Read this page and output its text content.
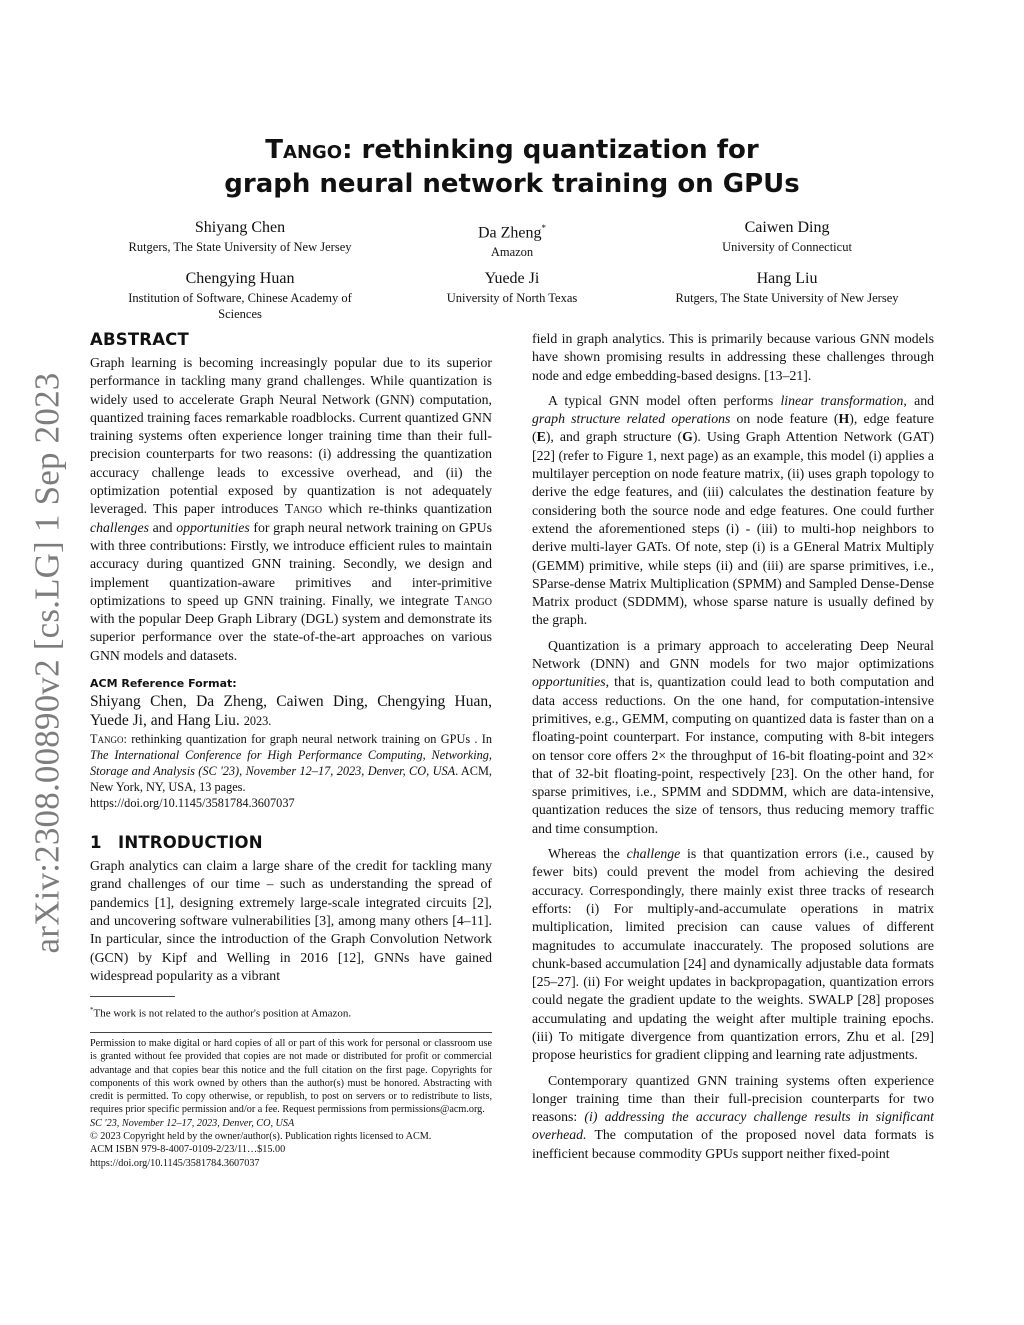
arXiv:2308.00890v2 [cs.LG] 1 Sep 2023
Tango: rethinking quantization for
graph neural network training on GPUs
Shiyang Chen
Rutgers, The State University of New Jersey
Da Zheng*
Amazon
Caiwen Ding
University of Connecticut
Chengying Huan
Institution of Software, Chinese Academy of Sciences
Yuede Ji
University of North Texas
Hang Liu
Rutgers, The State University of New Jersey
ABSTRACT

Graph learning is becoming increasingly popular due to its superior performance in tackling many grand challenges. While quantization is widely used to accelerate Graph Neural Network (GNN) computation, quantized training faces remarkable roadblocks. Current quantized GNN training systems often experience longer training time than their full-precision counterparts for two reasons: (i) addressing the quantization accuracy challenge leads to excessive overhead, and (ii) the optimization potential exposed by quantization is not adequately leveraged. This paper introduces Tango which re-thinks quantization challenges and opportunities for graph neural network training on GPUs with three contributions: Firstly, we introduce efficient rules to maintain accuracy during quantized GNN training. Secondly, we design and implement quantization-aware primitives and inter-primitive optimizations to speed up GNN training. Finally, we integrate Tango with the popular Deep Graph Library (DGL) system and demonstrate its superior performance over the state-of-the-art approaches on various GNN models and datasets.

ACM Reference Format:
Shiyang Chen, Da Zheng, Caiwen Ding, Chengying Huan, Yuede Ji, and Hang Liu. 2023.
Tango: rethinking quantization for graph neural network training on GPUs . In The International Conference for High Performance Computing, Networking, Storage and Analysis (SC '23), November 12–17, 2023, Denver, CO, USA. ACM, New York, NY, USA, 13 pages.
https://doi.org/10.1145/3581784.3607037
1 INTRODUCTION

Graph analytics can claim a large share of the credit for tackling many grand challenges of our time – such as understanding the spread of pandemics [1], designing extremely large-scale integrated circuits [2], and uncovering software vulnerabilities [3], among many others [4–11]. In particular, since the introduction of the Graph Convolution Network (GCN) by Kipf and Welling in 2016 [12], GNNs have gained widespread popularity as a vibrant

*The work is not related to the author's position at Amazon.

Permission to make digital or hard copies of all or part of this work for personal or classroom use is granted without fee provided that copies are not made or distributed for profit or commercial advantage and that copies bear this notice and the full citation on the first page. Copyrights for components of this work owned by others than the author(s) must be honored. Abstracting with credit is permitted. To copy otherwise, or republish, to post on servers or to redistribute to lists, requires prior specific permission and/or a fee. Request permissions from permissions@acm.org.

SC '23, November 12–17, 2023, Denver, CO, USA
© 2023 Copyright held by the owner/author(s). Publication rights licensed to ACM.
ACM ISBN 979-8-4007-0109-2/23/11…$15.00
https://doi.org/10.1145/3581784.3607037

field in graph analytics. This is primarily because various GNN models have shown promising results in addressing these challenges through node and edge embedding-based designs. [13–21].

A typical GNN model often performs linear transformation, and graph structure related operations on node feature (H), edge feature (E), and graph structure (G). Using Graph Attention Network (GAT) [22] (refer to Figure 1, next page) as an example, this model (i) applies a multilayer perception on node feature matrix, (ii) uses graph topology to derive the edge features, and (iii) calculates the destination feature by considering both the source node and edge features. One could further extend the aforementioned steps (i) - (iii) to multi-hop neighbors to derive multi-layer GATs. Of note, step (i) is a GEneral Matrix Multiply (GEMM) primitive, while steps (ii) and (iii) are sparse primitives, i.e., SParse-dense Matrix Multiplication (SPMM) and Sampled Dense-Dense Matrix product (SDDMM), whose sparse nature is usually defined by the graph.

Quantization is a primary approach to accelerating Deep Neural Network (DNN) and GNN models for two major optimizations opportunities, that is, quantization could lead to both computation and data access reductions. On the one hand, for computation-intensive primitives, e.g., GEMM, computing on quantized data is faster than on a floating-point counterpart. For instance, computing with 8-bit integers on tensor core offers 2× the throughput of 16-bit floating-point and 32× that of 32-bit floating-point, respectively [23]. On the other hand, for sparse primitives, i.e., SPMM and SDDMM, which are data-intensive, quantization reduces the size of tensors, thus reducing memory traffic and time consumption.

Whereas the challenge is that quantization errors (i.e., caused by fewer bits) could prevent the model from achieving the desired accuracy. Correspondingly, there mainly exist three tracks of research efforts: (i) For multiply-and-accumulate operations in matrix multiplication, limited precision can cause values of different magnitudes to accumulate inaccurately. The proposed solutions are chunk-based accumulation [24] and dynamically adjustable data formats [25–27]. (ii) For weight updates in backpropagation, quantization errors could negate the gradient update to the weights. SWALP [28] proposes accumulating and updating the weight after multiple training epochs. (iii) To mitigate divergence from quantization errors, Zhu et al. [29] propose heuristics for gradient clipping and learning rate adjustments.

Contemporary quantized GNN training systems often experience longer training time than their full-precision counterparts for two reasons: (i) addressing the accuracy challenge results in significant overhead. The computation of the proposed novel data formats is inefficient because commodity GPUs support neither fixed-point
